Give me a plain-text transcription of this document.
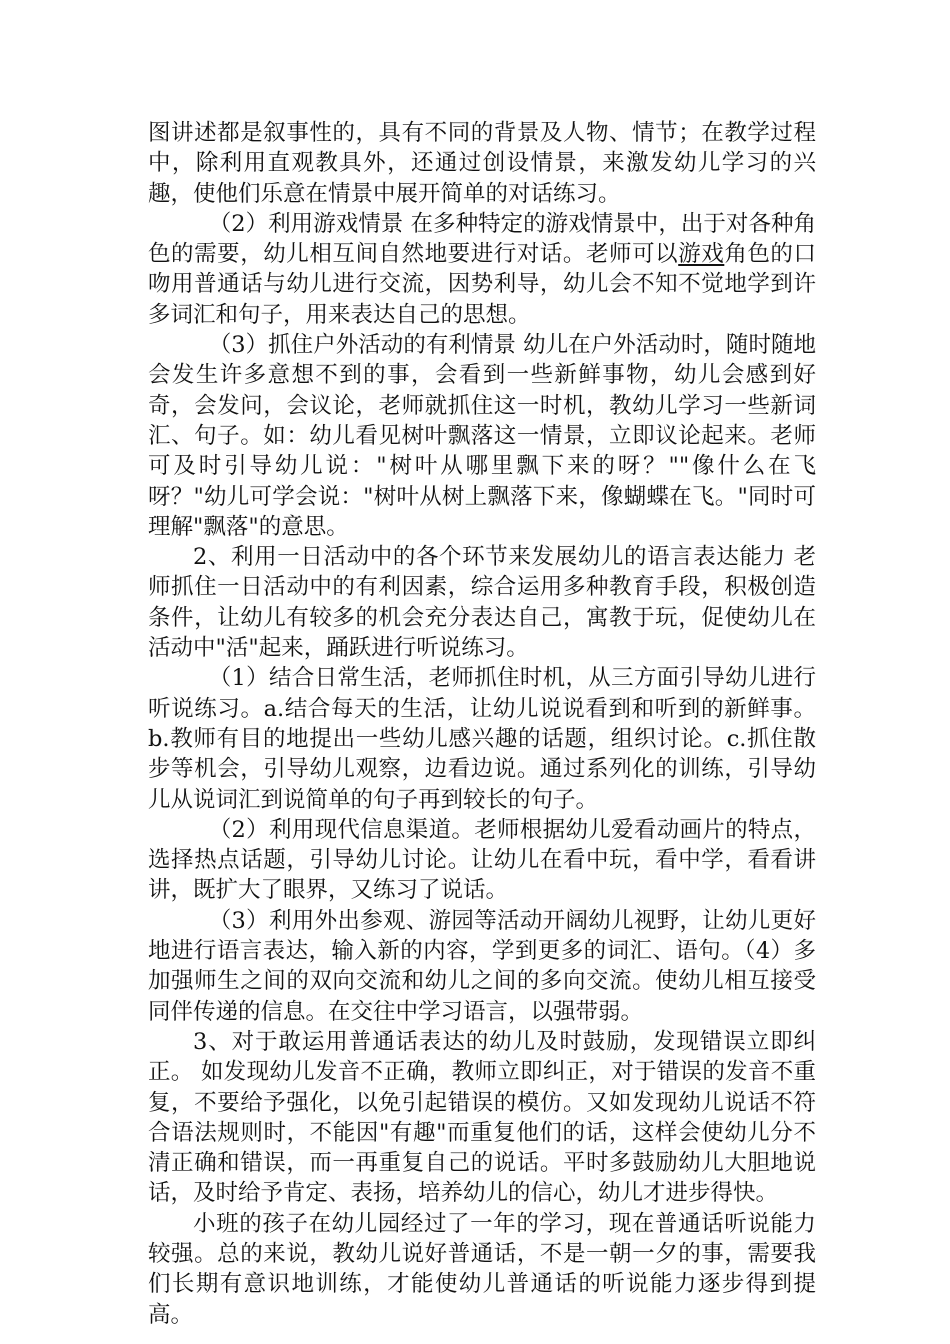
图讲述都是叙事性的，具有不同的背景及人物、情节；在教学过程中，除利用直观教具外，还通过创设情景，来激发幼儿学习的兴趣，使他们乐意在情景中展开简单的对话练习。

（2）利用游戏情景 在多种特定的游戏情景中，出于对各种角色的需要，幼儿相互间自然地要进行对话。老师可以游戏角色的口吻用普通话与幼儿进行交流，因势利导，幼儿会不知不觉地学到许多词汇和句子，用来表达自己的思想。

（3）抓住户外活动的有利情景 幼儿在户外活动时，随时随地会发生许多意想不到的事，会看到一些新鲜事物，幼儿会感到好奇，会发问，会议论，老师就抓住这一时机，教幼儿学习一些新词汇、句子。如：幼儿看见树叶飘落这一情景，立即议论起来。老师可及时引导幼儿说："树叶从哪里飘下来的呀？""像什么在飞呀？"幼儿可学会说："树叶从树上飘落下来，像蝴蝶在飞。"同时可理解"飘落"的意思。

2、利用一日活动中的各个环节来发展幼儿的语言表达能力 老师抓住一日活动中的有利因素，综合运用多种教育手段，积极创造条件，让幼儿有较多的机会充分表达自己，寓教于玩，促使幼儿在活动中"活"起来，踊跃进行听说练习。

（1）结合日常生活，老师抓住时机，从三方面引导幼儿进行听说练习。a.结合每天的生活，让幼儿说说看到和听到的新鲜事。b.教师有目的地提出一些幼儿感兴趣的话题，组织讨论。c.抓住散步等机会，引导幼儿观察，边看边说。通过系列化的训练，引导幼儿从说词汇到说简单的句子再到较长的句子。

（2）利用现代信息渠道。老师根据幼儿爱看动画片的特点，选择热点话题，引导幼儿讨论。让幼儿在看中玩，看中学，看看讲讲，既扩大了眼界，又练习了说话。

（3）利用外出参观、游园等活动开阔幼儿视野，让幼儿更好地进行语言表达，输入新的内容，学到更多的词汇、语句。（4）多加强师生之间的双向交流和幼儿之间的多向交流。使幼儿相互接受同伴传递的信息。在交往中学习语言，以强带弱。

3、对于敢运用普通话表达的幼儿及时鼓励，发现错误立即纠正。 如发现幼儿发音不正确，教师立即纠正，对于错误的发音不重复，不要给予强化，以免引起错误的模仿。又如发现幼儿说话不符合语法规则时，不能因"有趣"而重复他们的话，这样会使幼儿分不清正确和错误，而一再重复自己的说话。平时多鼓励幼儿大胆地说话，及时给予肯定、表扬，培养幼儿的信心，幼儿才进步得快。

小班的孩子在幼儿园经过了一年的学习，现在普通话听说能力较强。总的来说，教幼儿说好普通话，不是一朝一夕的事，需要我们长期有意识地训练，才能使幼儿普通话的听说能力逐步得到提高。
